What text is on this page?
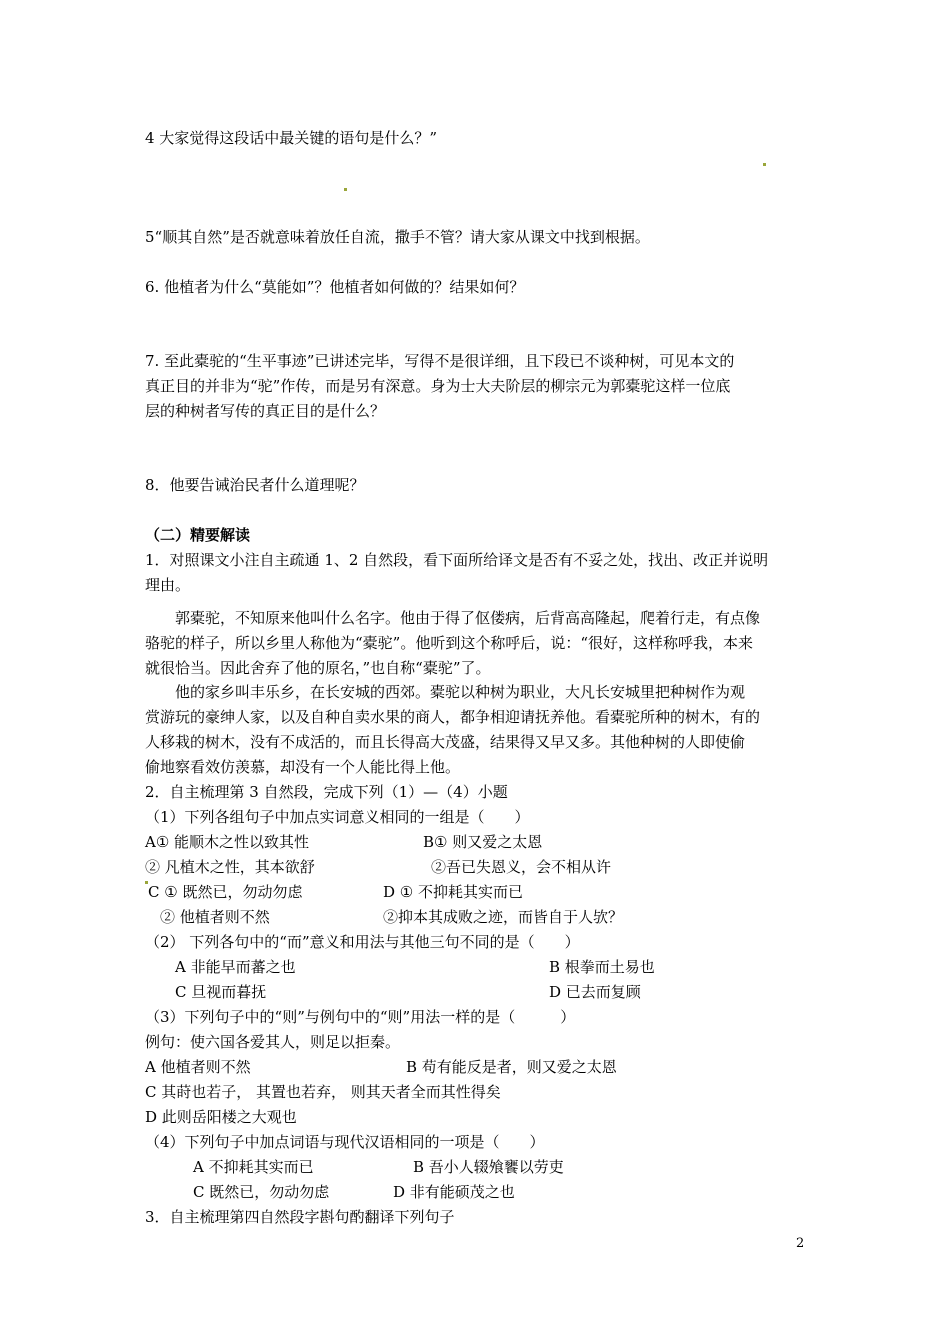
4 大家觉得这段话中最关键的语句是什么？”

5“顺其自然”是否就意味着放任自流，撒手不管？请大家从课文中找到根据。

6. 他植者为什么“莫能如”？他植者如何做的？结果如何？

7. 至此橐驼的“生平事迹”已讲述完毕，写得不是很详细，且下段已不谈种树，可见本文的

真正目的并非为“驼”作传，而是另有深意。身为士大夫阶层的柳宗元为郭橐驼这样一位底

层的种树者写传的真正目的是什么？

8．他要告诫治民者什么道理呢？

（二）精要解读

1．对照课文小注自主疏通 1、2 自然段，看下面所给译文是否有不妥之处，找出、改正并说明

理由。

郭橐驼，不知原来他叫什么名字。他由于得了伛偻病，后背高高隆起，爬着行走，有点像

骆驼的样子，所以乡里人称他为“橐驼”。他听到这个称呼后，说：“很好，这样称呼我，本来

就很恰当。因此舍弃了他的原名，”也自称“橐驼”了。

他的家乡叫丰乐乡，在长安城的西郊。橐驼以种树为职业，大凡长安城里把种树作为观

赏游玩的豪绅人家，以及自种自卖水果的商人，都争相迎请抚养他。看橐驼所种的树木，有的

人移栽的树木，没有不成活的，而且长得高大茂盛，结果得又早又多。其他种树的人即使偷

偷地察看效仿羡慕，却没有一个人能比得上他。

2．自主梳理第 3 自然段，完成下列（1）—（4）小题

（1）下列各组句子中加点实词意义相同的一组是（　　）

A① 能顺木之性以致其性	B① 则又爱之太恩

② 凡植木之性，其本欲舒	②吾已失恩义，会不相从许

C ① 既然已，勿动勿虑	D ① 不抑耗其实而已

② 他植者则不然	②抑本其成败之迹，而皆自于人欤？

（2） 下列各句中的“而”意义和用法与其他三句不同的是（　　）

A 非能早而蕃之也	B 根拳而土易也

C 旦视而暮抚	D 已去而复顾

（3）下列句子中的“则”与例句中的“则”用法一样的是（　　　）

例句：使六国各爱其人，则足以拒秦。

A 他植者则不然	B 苟有能反是者，则又爱之太恩

C 其莳也若子， 其置也若弃， 则其天者全而其性得矣

D 此则岳阳楼之大观也

（4）下列句子中加点词语与现代汉语相同的一项是（　　）

A 不抑耗其实而已	B 吾小人辍飧饔以劳吏

C 既然已，勿动勿虑	D 非有能硕茂之也

3．自主梳理第四自然段字斟句酌翻译下列句子

2
